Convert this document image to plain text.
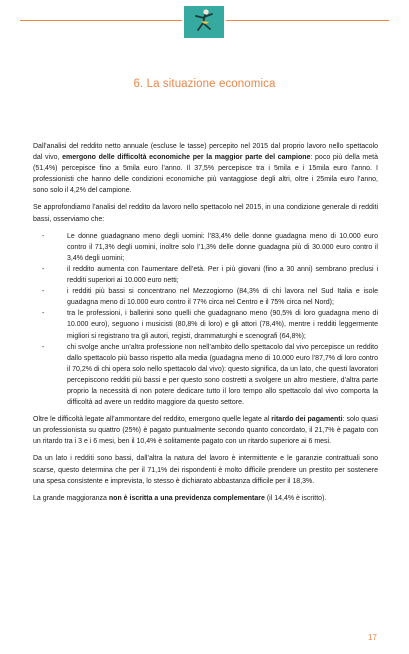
6. La situazione economica

Dall’analisi del reddito netto annuale (escluse le tasse) percepito nel 2015 dal proprio lavoro nello spettacolo dal vivo, emergono delle difficoltà economiche per la maggior parte del campione: poco più della metà (51,4%) percepisce fino a 5mila euro l’anno. Il 37,5% percepisce tra i 5mila e i 15mila euro l’anno. I professionisti che hanno delle condizioni economiche più vantaggiose degli altri, oltre i 25mila euro l’anno, sono solo il 4,2% del campione.

Se approfondiamo l’analisi del reddito da lavoro nello spettacolo nel 2015, in una condizione generale di redditi bassi, osserviamo che:

-	Le donne guadagnano meno degli uomini: l’83,4% delle donne guadagna meno di 10.000 euro contro il 71,3% degli uomini, inoltre solo l’1,3% delle donne guadagna più di 30.000 euro contro il 3,4% degli uomini;
-	il reddito aumenta con l’aumentare dell’età. Per i più giovani (fino a 30 anni) sembrano preclusi i redditi superiori ai 10.000 euro netti;
-	i redditi più bassi si concentrano nel Mezzogiorno (84,3% di chi lavora nel Sud Italia e isole guadagna meno di 10.000 euro contro il 77% circa nel Centro e il 75% circa nel Nord);
-	tra le professioni, i ballerini sono quelli che guadagnano meno (90,5% di loro guadagna meno di 10.000 euro), seguono i musicisti (80,8% di loro) e gli attori (78,4%), mentre i redditi leggermente migliori si registrano tra gli autori, registi, drammaturghi e scenografi (64,8%);
-	chi svolge anche un’altra professione non nell’ambito dello spettacolo dal vivo percepisce un reddito dallo spettacolo più basso rispetto alla media (guadagna meno di 10.000 euro l’87,7% di loro contro il 70,2% di chi opera solo nello spettacolo dal vivo): questo significa, da un lato, che questi lavoratori percepiscono redditi più bassi e per questo sono costretti a svolgere un altro mestiere, d’altra parte proprio la necessità di non potere dedicare tutto il loro tempo allo spettacolo dal vivo comporta la difficoltà ad avere un reddito maggiore da questo settore.

Oltre le difficoltà legate all’ammontare del reddito, emergono quelle legate al ritardo dei pagamenti: solo quasi un professionista su quattro (25%) è pagato puntualmente secondo quanto concordato, il 21,7% è pagato con un ritardo tra i 3 e i 6 mesi, ben il 10,4% è solitamente pagato con un ritardo superiore ai 6 mesi.

Da un lato i redditi sono bassi, dall’altra la natura del lavoro è intermittente e le garanzie contrattuali sono scarse, questo determina che per il 71,1% dei rispondenti è molto difficile prendere un prestito per sostenere una spesa consistente e imprevista, lo stesso è dichiarato abbastanza difficile per il 18,3%.

La grande maggioranza non è iscritta a una previdenza complementare (il 14,4% è iscritto).

17
